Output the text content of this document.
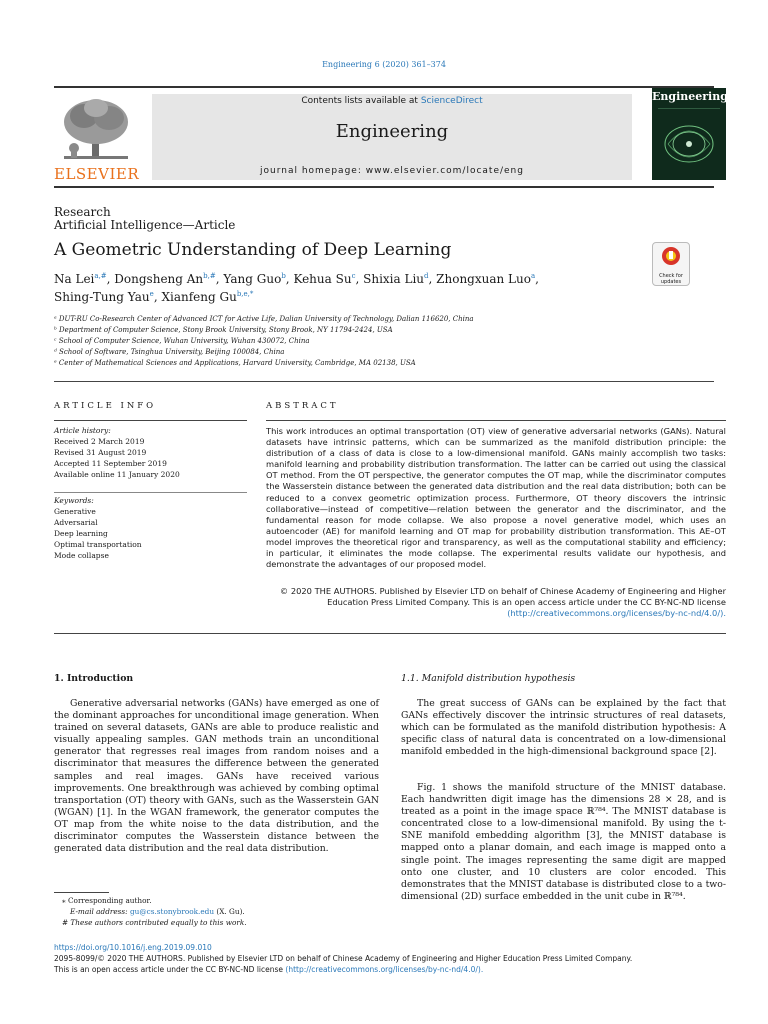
Engineering 6 (2020) 361–374
ELSEVIER
Contents lists available at ScienceDirect
Engineering
journal homepage: www.elsevier.com/locate/eng
Engineering
Research
Artificial Intelligence—Article
A Geometric Understanding of Deep Learning
Na Lei$^{a,\#}$, Dongsheng $An^{b,\#}$, Yang Guo$^b$, Kehua Su$^c$, Shixia Liu$^d$, Zhongxuan Luo$^a$,
Shing-Tung Yau$^e$, Xianfeng $Gu^{b,e,*}$
Check for updates
ᵃ DUT-RU Co-Research Center of Advanced ICT for Active Life, Dalian University of Technology, Dalian 116620, China
ᵇ Department of Computer Science, Stony Brook University, Stony Brook, NY 11794-2424, USA
ᶜ School of Computer Science, Wuhan University, Wuhan 430072, China
ᵈ School of Software, Tsinghua University, Beijing 100084, China
ᵉ Center of Mathematical Sciences and Applications, Harvard University, Cambridge, MA 02138, USA
ARTICLE INFO
Article history:
Received 2 March 2019
Revised 31 August 2019
Accepted 11 September 2019
Available online 11 January 2020
Keywords:
Generative
Adversarial
Deep learning
Optimal transportation
Mode collapse
ABSTRACT
This work introduces an optimal transportation (OT) view of generative adversarial networks (GANs). Natural datasets have intrinsic patterns, which can be summarized as the manifold distribution principle: the distribution of a class of data is close to a low-dimensional manifold. GANs mainly accomplish two tasks: manifold learning and probability distribution transformation. The latter can be carried out using the classical OT method. From the OT perspective, the generator computes the OT map, while the discriminator computes the Wasserstein distance between the generated data distribution and the real data distribution; both can be reduced to a convex geometric optimization process. Furthermore, OT theory discovers the intrinsic collaborative—instead of competitive—relation between the generator and the discriminator, and the fundamental reason for mode collapse. We also propose a novel generative model, which uses an autoencoder (AE) for manifold learning and OT map for probability distribution transformation. This AE–OT model improves the theoretical rigor and transparency, as well as the computational stability and efficiency; in particular, it eliminates the mode collapse. The experimental results validate our hypothesis, and demonstrate the advantages of our proposed model.
© 2020 THE AUTHORS. Published by Elsevier LTD on behalf of Chinese Academy of Engineering and Higher Education Press Limited Company. This is an open access article under the CC BY-NC-ND license (http://creativecommons.org/licenses/by-nc-nd/4.0/).
1. Introduction
Generative adversarial networks (GANs) have emerged as one of the dominant approaches for unconditional image generation. When trained on several datasets, GANs are able to produce realistic and visually appealing samples. GAN methods train an unconditional generator that regresses real images from random noises and a discriminator that measures the difference between the generated samples and real images. GANs have received various improvements. One breakthrough was achieved by combing optimal transportation (OT) theory with GANs, such as the Wasserstein GAN (WGAN) [1]. In the WGAN framework, the generator computes the OT map from the white noise to the data distribution, and the discriminator computes the Wasserstein distance between the generated data distribution and the real data distribution.
1.1. Manifold distribution hypothesis
The great success of GANs can be explained by the fact that GANs effectively discover the intrinsic structures of real datasets, which can be formulated as the manifold distribution hypothesis: A specific class of natural data is concentrated on a low-dimensional manifold embedded in the high-dimensional background space [2].
Fig. 1 shows the manifold structure of the MNIST database. Each handwritten digit image has the dimensions 28 × 28, and is treated as a point in the image space ℝ⁷⁸⁴. The MNIST database is concentrated close to a low-dimensional manifold. By using the t-SNE manifold embedding algorithm [3], the MNIST database is mapped onto a planar domain, and each image is mapped onto a single point. The images representing the same digit are mapped onto one cluster, and 10 clusters are color encoded. This demonstrates that the MNIST database is distributed close to a two-dimensional (2D) surface embedded in the unit cube in ℝ⁷⁸⁴.
⁎ Corresponding author.
E-mail address: gu@cs.stonybrook.edu (X. Gu).
# These authors contributed equally to this work.
https://doi.org/10.1016/j.eng.2019.09.010
2095-8099/© 2020 THE AUTHORS. Published by Elsevier LTD on behalf of Chinese Academy of Engineering and Higher Education Press Limited Company.
This is an open access article under the CC BY-NC-ND license (http://creativecommons.org/licenses/by-nc-nd/4.0/).
